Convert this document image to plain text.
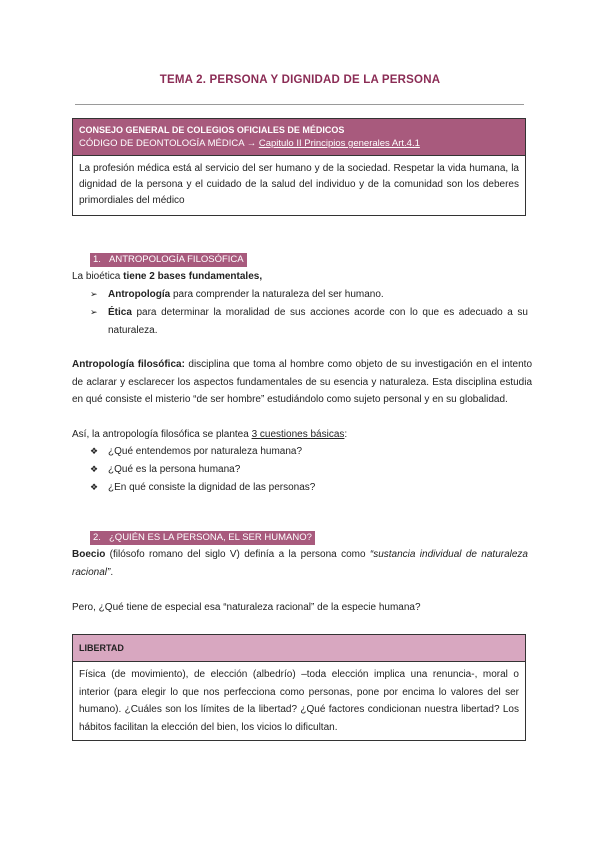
TEMA 2. PERSONA Y DIGNIDAD DE LA PERSONA
CONSEJO GENERAL DE COLEGIOS OFICIALES DE MÉDICOS
CÓDIGO DE DEONTOLOGÍA MÉDICA → Capitulo II Principios generales Art.4.1
La profesión médica está al servicio del ser humano y de la sociedad. Respetar la vida humana, la dignidad de la persona y el cuidado de la salud del individuo y de la comunidad son los deberes primordiales del médico
1. ANTROPOLOGÍA FILOSÓFICA
La bioética tiene 2 bases fundamentales,
➢ Antropología para comprender la naturaleza del ser humano.
➢ Ética para determinar la moralidad de sus acciones acorde con lo que es adecuado a su naturaleza.
Antropología filosófica: disciplina que toma al hombre como objeto de su investigación en el intento de aclarar y esclarecer los aspectos fundamentales de su esencia y naturaleza. Esta disciplina estudia en qué consiste el misterio “de ser hombre” estudiándolo como sujeto personal y en su globalidad.
Así, la antropología filosófica se plantea 3 cuestiones básicas:
❖ ¿Qué entendemos por naturaleza humana?
❖ ¿Qué es la persona humana?
❖ ¿En qué consiste la dignidad de las personas?
2. ¿QUIÉN ES LA PERSONA, EL SER HUMANO?
Boecio (filósofo romano del siglo V) definía a la persona como “sustancia individual de naturaleza racional”.
Pero, ¿Qué tiene de especial esa “naturaleza racional” de la especie humana?
LIBERTAD
Física (de movimiento), de elección (albedrío) –toda elección implica una renuncia-, moral o interior (para elegir lo que nos perfecciona como personas, pone por encima lo valores del ser humano). ¿Cuáles son los límites de la libertad? ¿Qué factores condicionan nuestra libertad? Los hábitos facilitan la elección del bien, los vicios lo dificultan.
